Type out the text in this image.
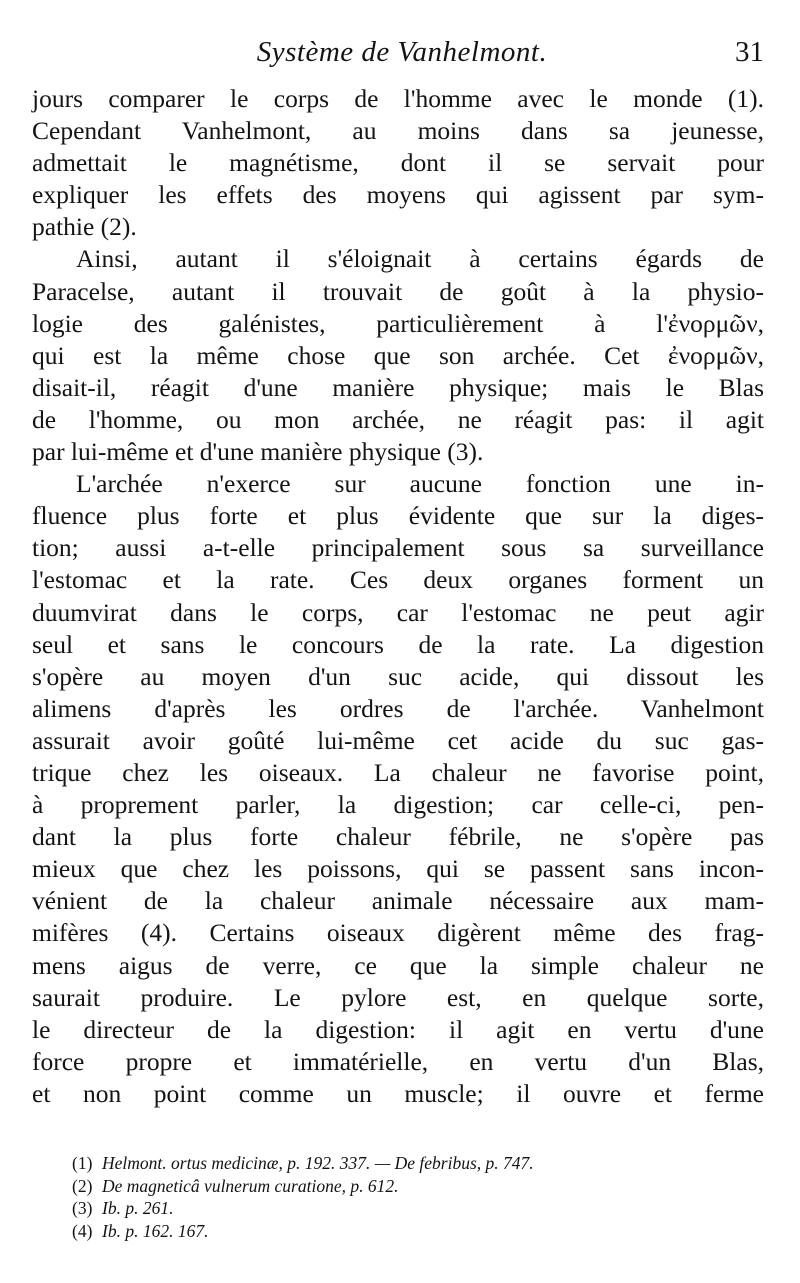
Système de Vanhelmont.	31
jours comparer le corps de l'homme avec le monde (1).
Cependant Vanhelmont, au moins dans sa jeunesse,
admettait le magnétisme, dont il se servait pour
expliquer les effets des moyens qui agissent par sym-
pathie (2).
Ainsi, autant il s'éloignait à certains égards de
Paracelse, autant il trouvait de goût à la physio-
logie des galénistes, particulièrement à l'ἐνορμῶν,
qui est la même chose que son archée. Cet ἐνορμῶν,
disait-il, réagit d'une manière physique; mais le Blas
de l'homme, ou mon archée, ne réagit pas: il agit
par lui-même et d'une manière physique (3).
L'archée n'exerce sur aucune fonction une in-
fluence plus forte et plus évidente que sur la diges-
tion; aussi a-t-elle principalement sous sa surveillance
l'estomac et la rate. Ces deux organes forment un
duumvirat dans le corps, car l'estomac ne peut agir
seul et sans le concours de la rate. La digestion
s'opère au moyen d'un suc acide, qui dissout les
alimens d'après les ordres de l'archée. Vanhelmont
assurait avoir goûté lui-même cet acide du suc gas-
trique chez les oiseaux. La chaleur ne favorise point,
à proprement parler, la digestion; car celle-ci, pen-
dant la plus forte chaleur fébrile, ne s'opère pas
mieux que chez les poissons, qui se passent sans incon-
vénient de la chaleur animale nécessaire aux mam-
mifères (4). Certains oiseaux digèrent même des frag-
mens aigus de verre, ce que la simple chaleur ne
saurait produire. Le pylore est, en quelque sorte,
le directeur de la digestion: il agit en vertu d'une
force propre et immatérielle, en vertu d'un Blas,
et non point comme un muscle; il ouvre et ferme
(1) Helmont. ortus medicinæ, p. 192. 337. — De febribus, p. 747.
(2) De magneticâ vulnerum curatione, p. 612.
(3) Ib. p. 261.
(4) Ib. p. 162. 167.
